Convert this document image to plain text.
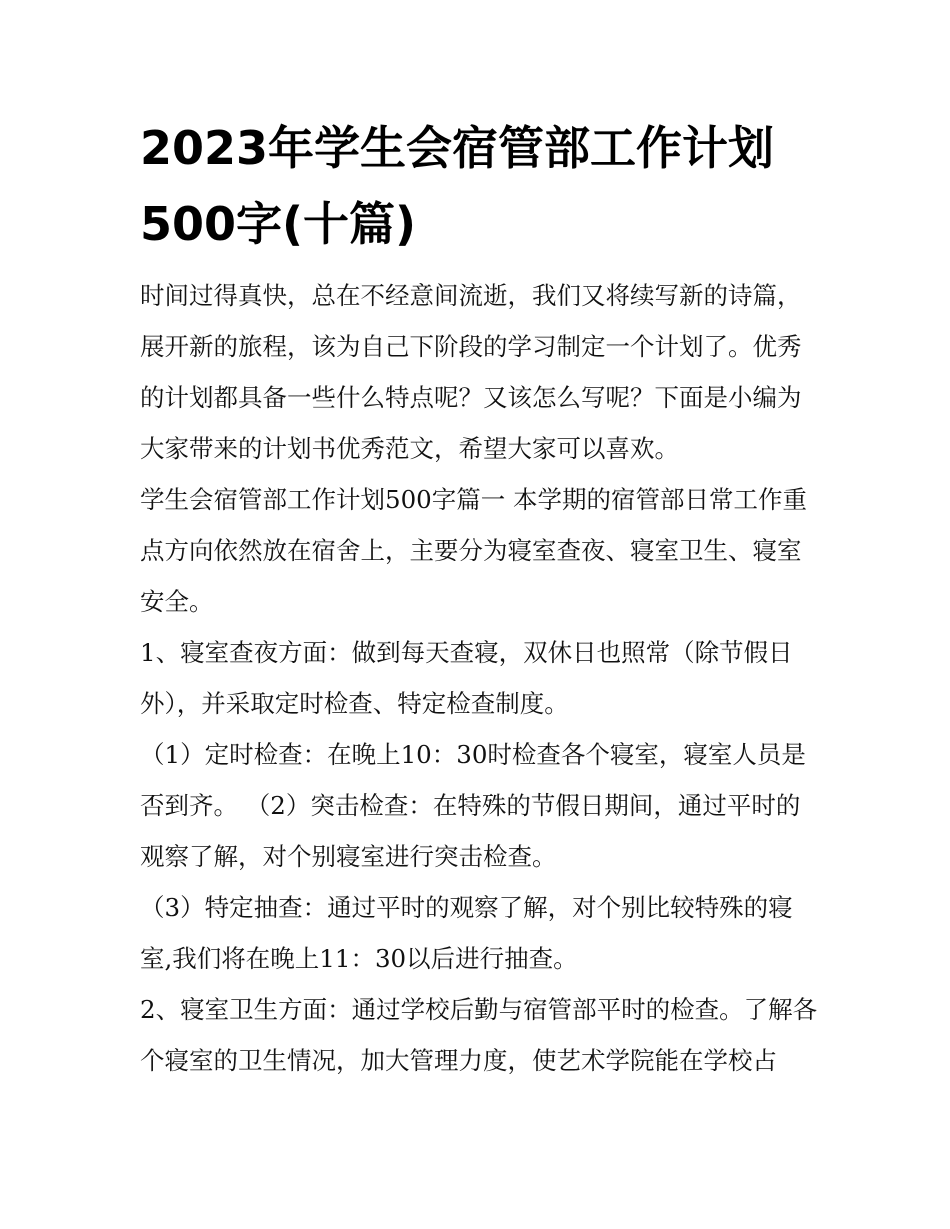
2023年学生会宿管部工作计划500字(十篇)

时间过得真快，总在不经意间流逝，我们又将续写新的诗篇，展开新的旅程，该为自己下阶段的学习制定一个计划了。优秀的计划都具备一些什么特点呢？又该怎么写呢？下面是小编为大家带来的计划书优秀范文，希望大家可以喜欢。

学生会宿管部工作计划500字篇一 本学期的宿管部日常工作重点方向依然放在宿舍上，主要分为寝室查夜、寝室卫生、寝室安全。

1、寝室查夜方面：做到每天查寝，双休日也照常（除节假日外），并采取定时检查、特定检查制度。

（1）定时检查：在晚上10：30时检查各个寝室，寝室人员是否到齐。 （2）突击检查：在特殊的节假日期间，通过平时的观察了解，对个别寝室进行突击检查。

（3）特定抽查：通过平时的观察了解，对个别比较特殊的寝室,我们将在晚上11：30以后进行抽查。

2、寝室卫生方面：通过学校后勤与宿管部平时的检查。了解各个寝室的卫生情况，加大管理力度，使艺术学院能在学校占
